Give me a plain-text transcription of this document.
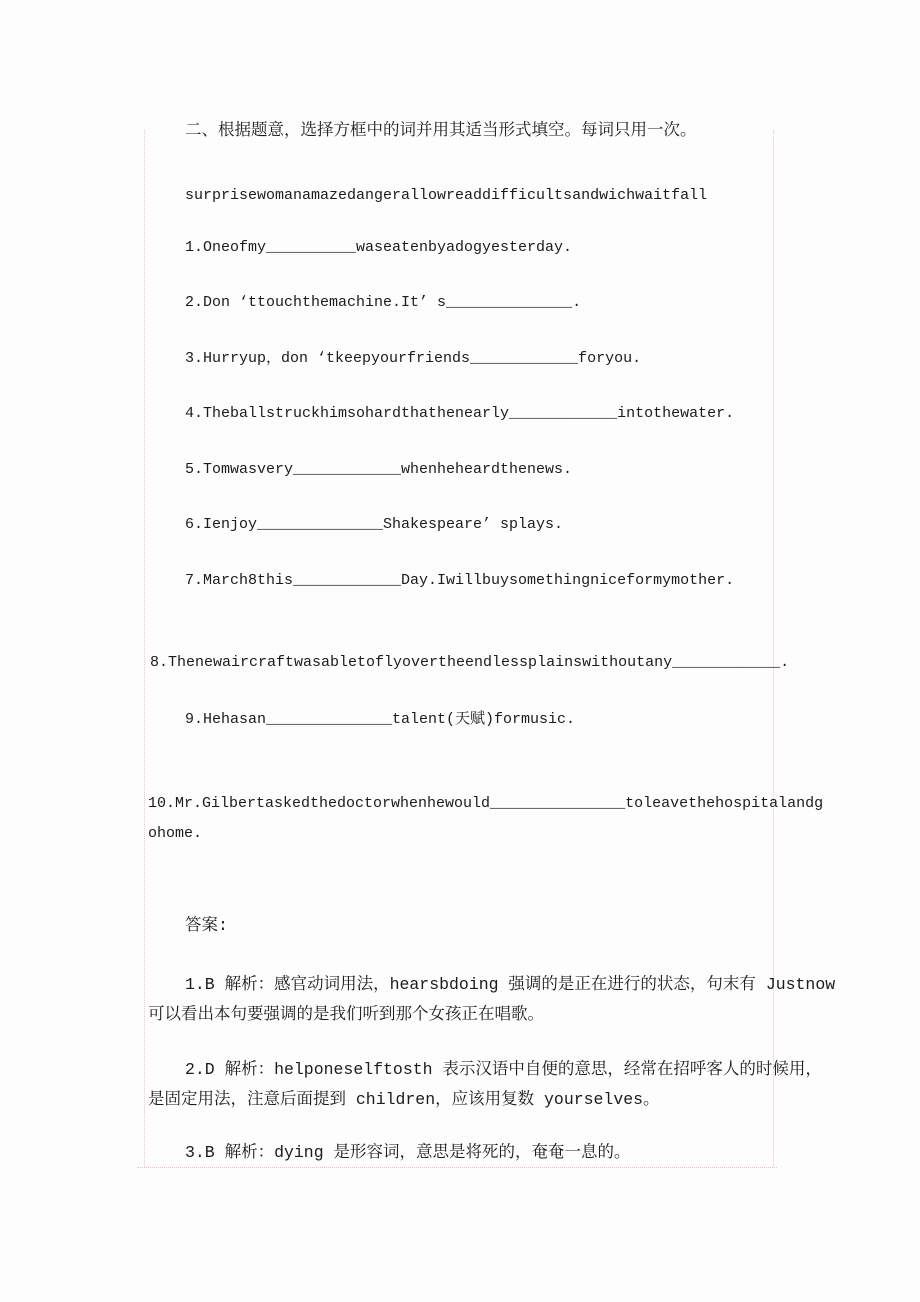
二、根据题意，选择方框中的词并用其适当形式填空。每词只用一次。
surprisewomanamazedangerallowreaddifficultsandwichwaitfall
1.Oneofmy__________waseatenbyadogyesterday.
2.Don ‘ttouchthemachine.It’ s______________.
3.Hurryup，don ‘tkeepyourfriends____________foryou.
4.Theballstruckhimsohardthathenearly____________intothewater.
5.Tomwasvery____________whenheheardthenews.
6.Ienjoy______________Shakespeare’ splays.
7.March8this____________Day.Iwillbuysomethingniceformymother.
8.Thenewaircraftwasabletoflyovertheendlessplainswithoutany____________.
9.Hehasan______________talent(天赋)formusic.
10.Mr.Gilbertaskedthedoctorwhenhewould_______________toleavethehospitalandg
ohome.
答案:
1.B 解析：感官动词用法，hearsbdoing 强调的是正在进行的状态，句末有 Justnow
可以看出本句要强调的是我们听到那个女孩正在唱歌。
2.D 解析：helponeselftosth 表示汉语中自便的意思，经常在招呼客人的时候用，
是固定用法，注意后面提到 children，应该用复数 yourselves。
3.B 解析：dying 是形容词，意思是将死的，奄奄一息的。
